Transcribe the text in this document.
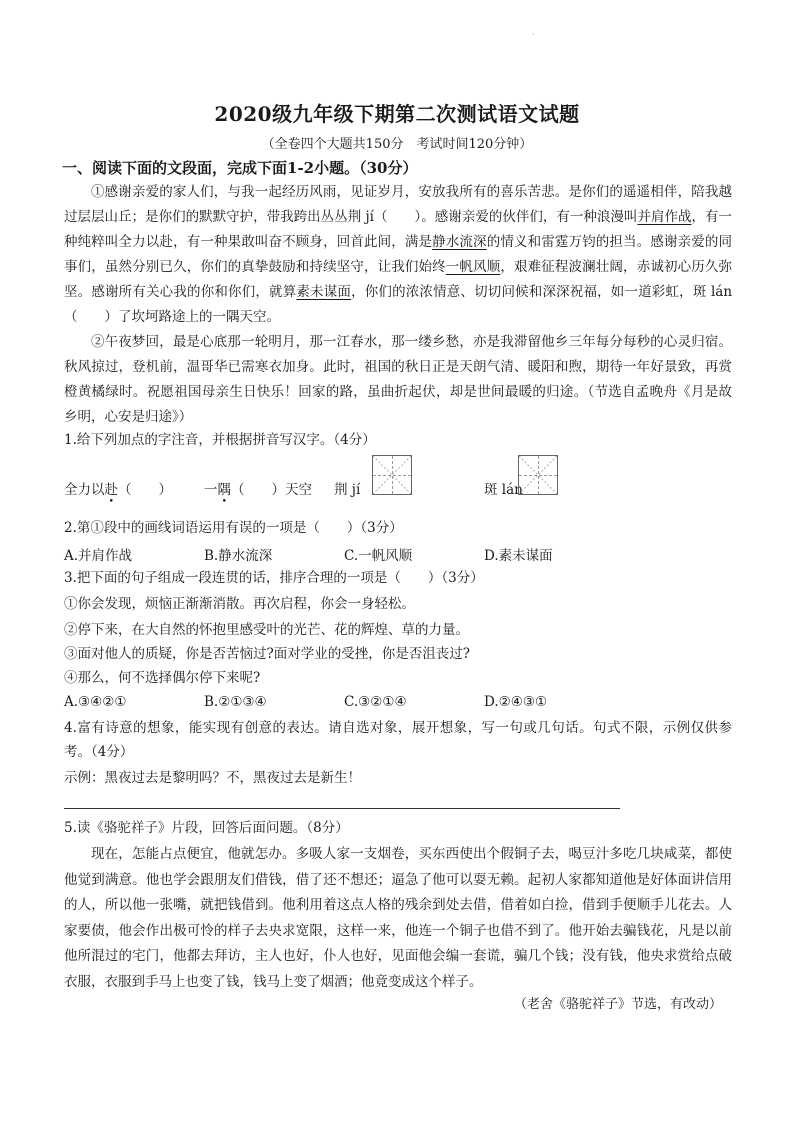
·
2020级九年级下期第二次测试语文试题
（全卷四个大题共150分　考试时间120分钟）
一、阅读下面的文段面，完成下面1-2小题。（30分）
①感谢亲爱的家人们，与我一起经历风雨，见证岁月，安放我所有的喜乐苦悲。是你们的遥遥相伴，陪我越过层层山丘；是你们的默默守护，带我跨出丛丛荆 jí（　　）。感谢亲爱的伙伴们，有一种浪漫叫并肩作战，有一种纯粹叫全力以赴，有一种果敢叫奋不顾身，回首此间，满是静水流深的情义和雷霆万钧的担当。感谢亲爱的同事们，虽然分别已久，你们的真挚鼓励和持续坚守，让我们始终一帆风顺，艰难征程波澜壮阔，赤诚初心历久弥坚。感谢所有关心我的你和你们，就算素未谋面，你们的浓浓情意、切切问候和深深祝福，如一道彩虹，斑 lán（　　）了坎坷路途上的一隅天空。
②午夜梦回，最是心底那一轮明月，那一江春水，那一缕乡愁，亦是我滞留他乡三年每分每秒的心灵归宿。秋风掠过，登机前，温哥华已需寒衣加身。此时，祖国的秋日正是天朗气清、暖阳和煦，期待一年好景致，再赏橙黄橘绿时。祝愿祖国母亲生日快乐！回家的路，虽曲折起伏，却是世间最暖的归途。（节选自孟晚舟《月是故乡明，心安是归途》）
1.给下列加点的字注音，并根据拼音写汉字。（4分）
全力以赴（　　） 一隅（　　）天空 荆 jí	斑 lán
2.第①段中的画线词语运用有误的一项是（　　）（3分）
A.并肩作战	B.静水流深	C.一帆风顺	D.素未谋面
3.把下面的句子组成一段连贯的话，排序合理的一项是（　　）（3分）
①你会发现，烦恼正渐渐消散。再次启程，你会一身轻松。
②停下来，在大自然的怀抱里感受叶的光芒、花的辉煌、草的力量。
③面对他人的质疑，你是否苦恼过?面对学业的受挫，你是否沮丧过?
④那么，何不选择偶尔停下来呢?
A.③④②①	B.②①③④	C.③②①④	D.②④③①
4.富有诗意的想象，能实现有创意的表达。请自选对象，展开想象，写一句或几句话。句式不限，示例仅供参考。（4分）
示例：黑夜过去是黎明吗？不，黑夜过去是新生！
5.读《骆驼祥子》片段，回答后面问题。（8分）
现在，怎能占点便宜，他就怎办。多吸人家一支烟卷，买东西使出个假铜子去，喝豆汁多吃几块咸菜，都使他觉到满意。他也学会跟朋友们借钱，借了还不想还；逼急了他可以耍无赖。起初人家都知道他是好体面讲信用的人，所以他一张嘴，就把钱借到。他利用着这点人格的残余到处去借，借着如白捡，借到手便顺手儿花去。人家要债，他会作出极可怜的样子去央求宽限，这样一来，他连一个铜子也借不到了。他开始去骗钱花，凡是以前他所混过的宅门，他都去拜访，主人也好，仆人也好，见面他会编一套谎，骗几个钱；没有钱，他央求赏给点破衣服，衣服到手马上也变了钱，钱马上变了烟酒；他竟变成这个样子。
（老舍《骆驼祥子》节选，有改动）
